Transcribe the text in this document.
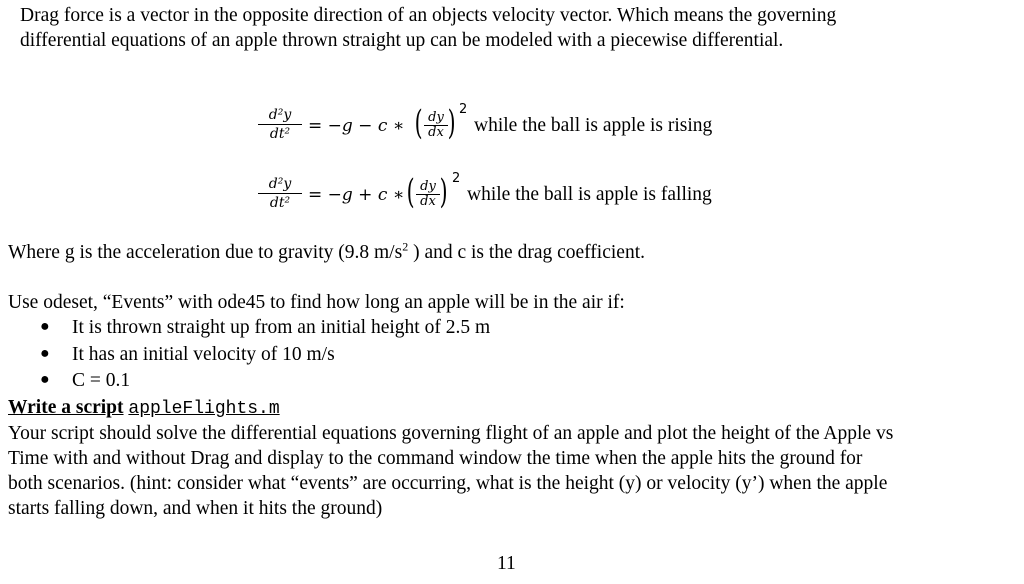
Drag force is a vector in the opposite direction of an objects velocity vector. Which means the governing
differential equations of an apple thrown straight up can be modeled with a piecewise differential.
$\frac{\text{d²y}}{\text{dt²}} = -g - c$ ∗ ( $\frac{dy}{dx}$ ) 2
while the ball is apple is rising
$\frac{\text{d²y}}{\text{dt²}} = -g + c$ ∗ ( $\frac{dy}{dx}$ ) 2
while the ball is apple is falling
Where g is the acceleration due to gravity (9.8 $m/s^2$ ) and c is the drag coefficient.
Use odeset, “Events” with ode45 to find how long an apple will be in the air if:
● It is thrown straight up from an initial height of 2.5 m
● It has an initial velocity of 10 m/s
● C = 0.1
Write a script appleFlights.m
Your script should solve the differential equations governing flight of an apple and plot the height of the Apple vs
Time with and without Drag and display to the command window the time when the apple hits the ground for
both scenarios. (hint: consider what “events” are occurring, what is the height (y) or velocity (y’) when the apple
starts falling down, and when it hits the ground)
11
